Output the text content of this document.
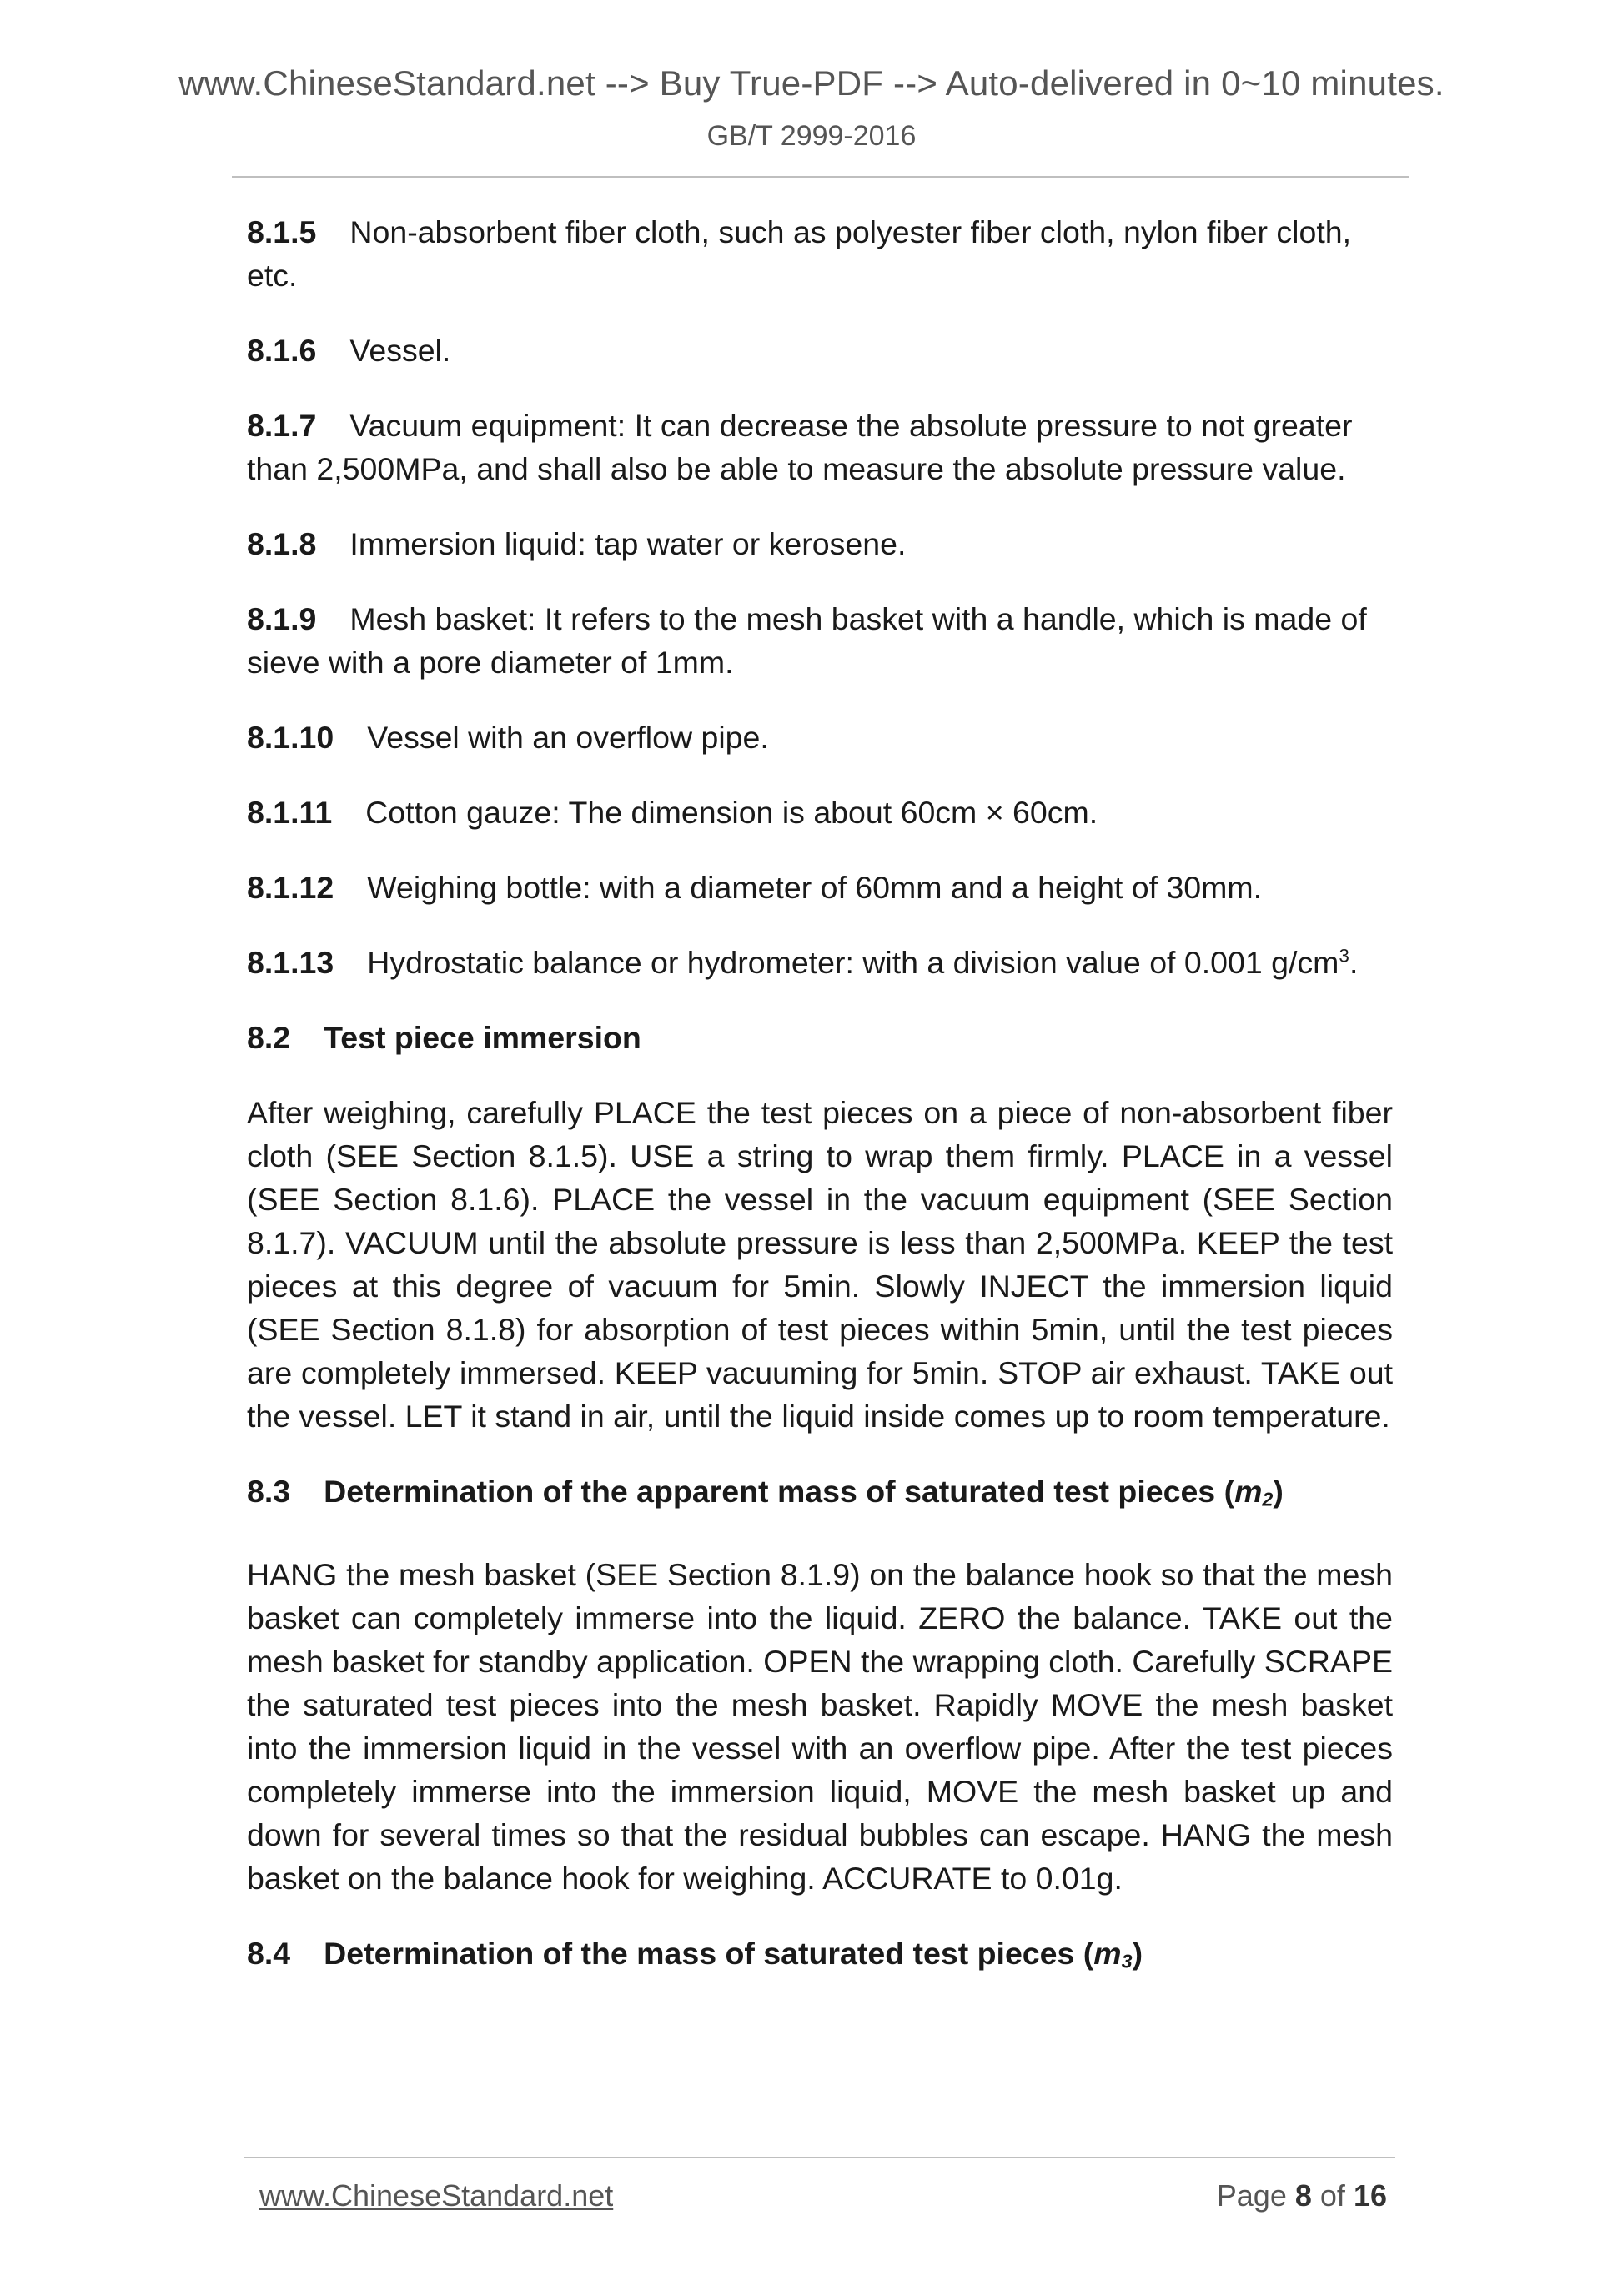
www.ChineseStandard.net --> Buy True-PDF --> Auto-delivered in 0~10 minutes.
GB/T 2999-2016

8.1.5 Non-absorbent fiber cloth, such as polyester fiber cloth, nylon fiber cloth, etc.

8.1.6 Vessel.

8.1.7 Vacuum equipment: It can decrease the absolute pressure to not greater than 2,500MPa, and shall also be able to measure the absolute pressure value.

8.1.8 Immersion liquid: tap water or kerosene.

8.1.9 Mesh basket: It refers to the mesh basket with a handle, which is made of sieve with a pore diameter of 1mm.

8.1.10 Vessel with an overflow pipe.

8.1.11 Cotton gauze: The dimension is about 60cm × 60cm.

8.1.12 Weighing bottle: with a diameter of 60mm and a height of 30mm.

8.1.13 Hydrostatic balance or hydrometer: with a division value of 0.001 $g/cm^3$.

8.2 Test piece immersion

After weighing, carefully PLACE the test pieces on a piece of non-absorbent fiber cloth (SEE Section 8.1.5). USE a string to wrap them firmly. PLACE in a vessel (SEE Section 8.1.6). PLACE the vessel in the vacuum equipment (SEE Section 8.1.7). VACUUM until the absolute pressure is less than 2,500MPa. KEEP the test pieces at this degree of vacuum for 5min. Slowly INJECT the immersion liquid (SEE Section 8.1.8) for absorption of test pieces within 5min, until the test pieces are completely immersed. KEEP vacuuming for 5min. STOP air exhaust. TAKE out the vessel. LET it stand in air, until the liquid inside comes up to room temperature.

8.3 Determination of the apparent mass of saturated test pieces $(m_2)$

HANG the mesh basket (SEE Section 8.1.9) on the balance hook so that the mesh basket can completely immerse into the liquid. ZERO the balance. TAKE out the mesh basket for standby application. OPEN the wrapping cloth. Carefully SCRAPE the saturated test pieces into the mesh basket. Rapidly MOVE the mesh basket into the immersion liquid in the vessel with an overflow pipe. After the test pieces completely immerse into the immersion liquid, MOVE the mesh basket up and down for several times so that the residual bubbles can escape. HANG the mesh basket on the balance hook for weighing. ACCURATE to 0.01g.

8.4 Determination of the mass of saturated test pieces $(m_3)$

www.ChineseStandard.net	Page 8 of 16
